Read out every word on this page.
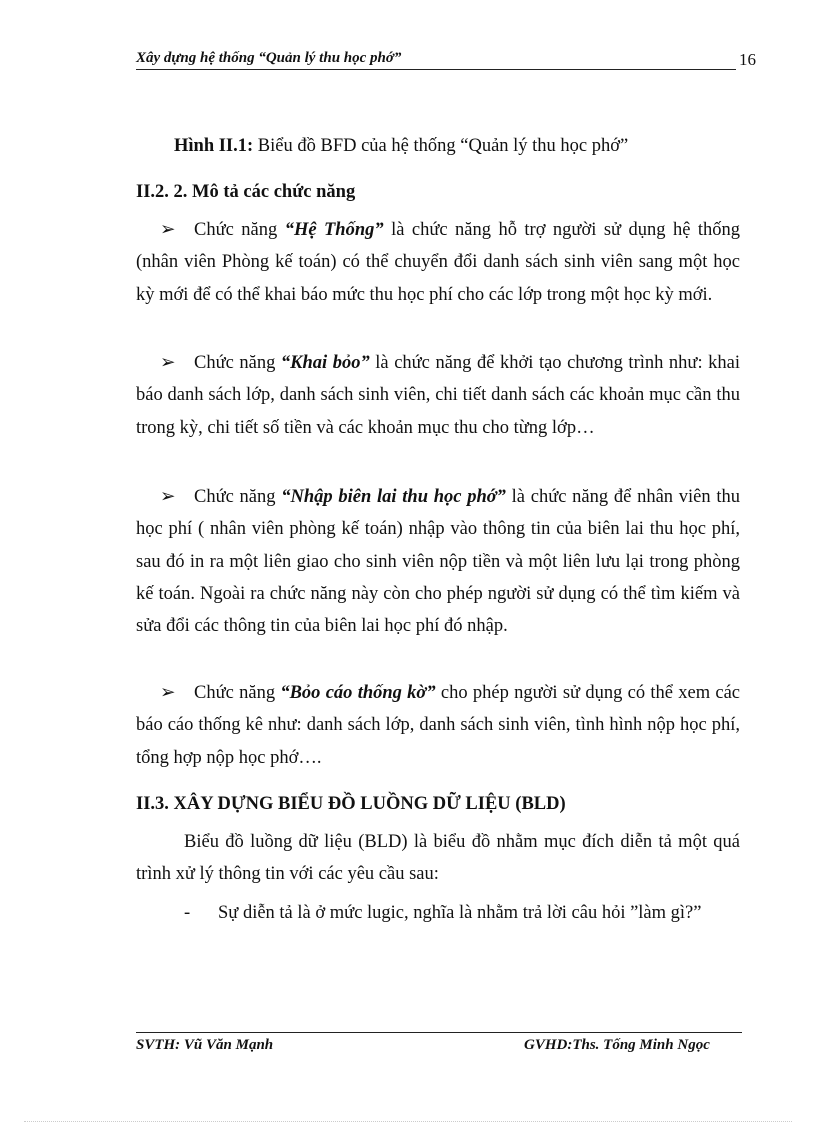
Xây dựng hệ thống “Quản lý thu học phớ”	16
Hình II.1: Biểu đồ BFD của hệ thống “Quản lý thu học phớ”
II.2. 2. Mô tả các chức năng
➢ Chức năng “Hệ Thống” là chức năng hỗ trợ người sử dụng hệ thống (nhân viên Phòng kế toán) có thể chuyển đổi danh sách sinh viên sang một học kỳ mới để có thể khai báo mức thu học phí cho các lớp trong một học kỳ mới.
➢ Chức năng “Khai bỏo” là chức năng để khởi tạo chương trình như: khai báo danh sách lớp, danh sách sinh viên, chi tiết danh sách các khoản mục cần thu trong kỳ, chi tiết số tiền và các khoản mục thu cho từng lớp…
➢ Chức năng “Nhập biên lai thu học phớ” là chức năng để nhân viên thu học phí ( nhân viên phòng kế toán) nhập vào thông tin của biên lai thu học phí, sau đó in ra một liên giao cho sinh viên nộp tiền và một liên lưu lại trong phòng kế toán. Ngoài ra chức năng này còn cho phép người sử dụng có thể tìm kiếm và sửa đổi các thông tin của biên lai học phí đó nhập.
➢ Chức năng “Bỏo cáo thống kờ” cho phép người sử dụng có thể xem các báo cáo thống kê như: danh sách lớp, danh sách sinh viên, tình hình nộp học phí, tổng hợp nộp học phớ….
II.3. XÂY DỰNG BIỂU ĐỒ LUỒNG DỮ LIỆU (BLD)
Biểu đồ luồng dữ liệu (BLD) là biểu đồ nhằm mục đích diễn tả một quá trình xử lý thông tin với các yêu cầu sau:
- Sự diễn tả là ở mức lugic, nghĩa là nhằm trả lời câu hỏi ”làm gì?”
SVTH: Vũ Văn Mạnh	GVHD:Ths. Tống Minh Ngọc
